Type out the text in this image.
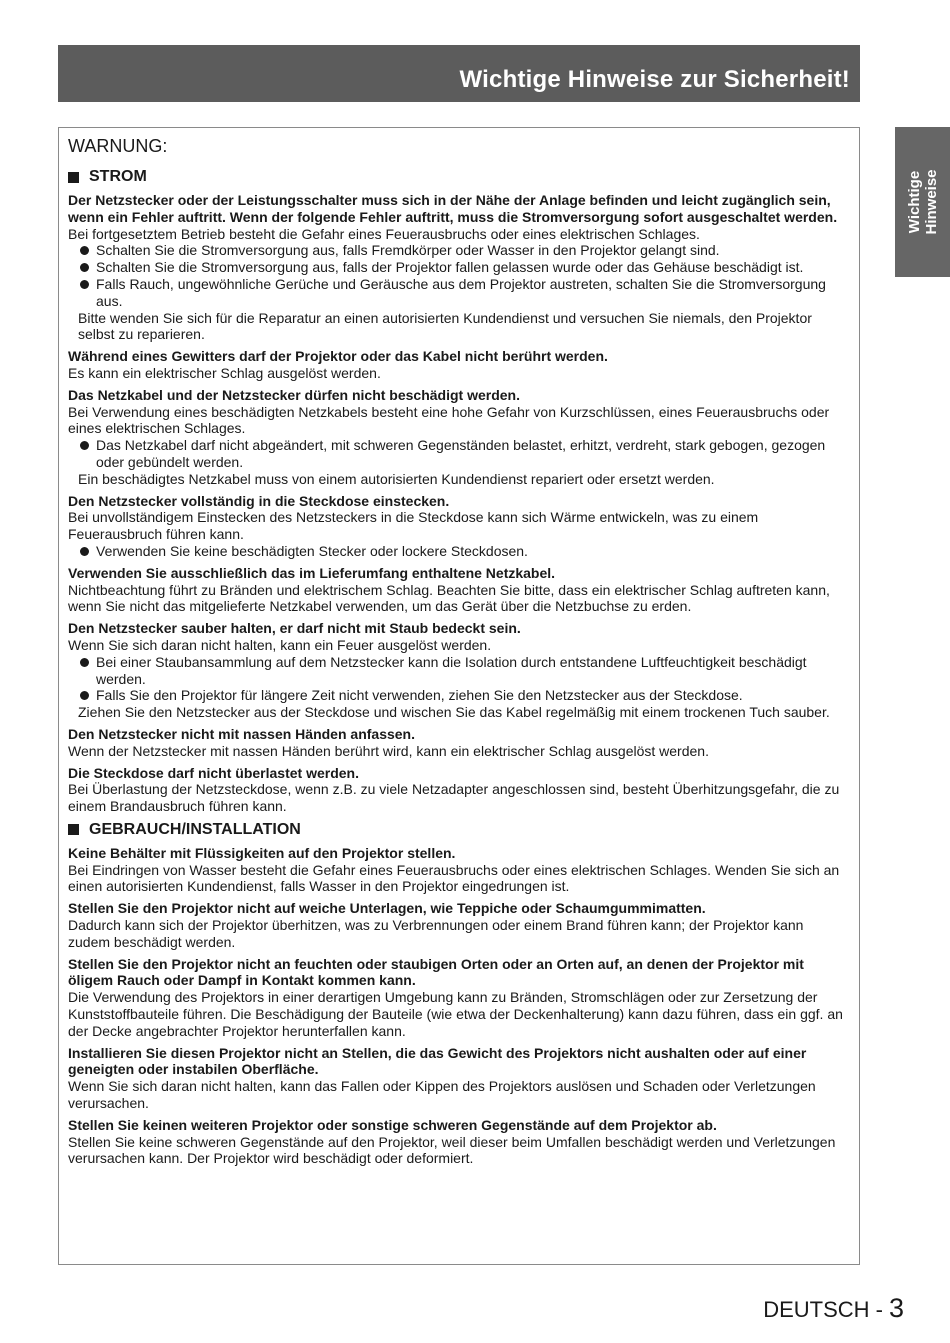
Wichtige Hinweise zur Sicherheit!
Wichtige Hinweise
WARNUNG:
STROM

Der Netzstecker oder der Leistungsschalter muss sich in der Nähe der Anlage befinden und leicht zugänglich sein, wenn ein Fehler auftritt. Wenn der folgende Fehler auftritt, muss die Stromversorgung sofort ausgeschaltet werden.

Bei fortgesetztem Betrieb besteht die Gefahr eines Feuerausbruchs oder eines elektrischen Schlages.

Schalten Sie die Stromversorgung aus, falls Fremdkörper oder Wasser in den Projektor gelangt sind.
Schalten Sie die Stromversorgung aus, falls der Projektor fallen gelassen wurde oder das Gehäuse beschädigt ist.
Falls Rauch, ungewöhnliche Gerüche und Geräusche aus dem Projektor austreten, schalten Sie die Stromversorgung aus.

Bitte wenden Sie sich für die Reparatur an einen autorisierten Kundendienst und versuchen Sie niemals, den Projektor selbst zu reparieren.

Während eines Gewitters darf der Projektor oder das Kabel nicht berührt werden.

Es kann ein elektrischer Schlag ausgelöst werden.

Das Netzkabel und der Netzstecker dürfen nicht beschädigt werden.

Bei Verwendung eines beschädigten Netzkabels besteht eine hohe Gefahr von Kurzschlüssen, eines Feuerausbruchs oder eines elektrischen Schlages.

Das Netzkabel darf nicht abgeändert, mit schweren Gegenständen belastet, erhitzt, verdreht, stark gebogen, gezogen oder gebündelt werden.

Ein beschädigtes Netzkabel muss von einem autorisierten Kundendienst repariert oder ersetzt werden.

Den Netzstecker vollständig in die Steckdose einstecken.

Bei unvollständigem Einstecken des Netzsteckers in die Steckdose kann sich Wärme entwickeln, was zu einem Feuerausbruch führen kann.

Verwenden Sie keine beschädigten Stecker oder lockere Steckdosen.

Verwenden Sie ausschließlich das im Lieferumfang enthaltene Netzkabel.

Nichtbeachtung führt zu Bränden und elektrischem Schlag. Beachten Sie bitte, dass ein elektrischer Schlag auftreten kann, wenn Sie nicht das mitgelieferte Netzkabel verwenden, um das Gerät über die Netzbuchse zu erden.

Den Netzstecker sauber halten, er darf nicht mit Staub bedeckt sein.

Wenn Sie sich daran nicht halten, kann ein Feuer ausgelöst werden.

Bei einer Staubansammlung auf dem Netzstecker kann die Isolation durch entstandene Luftfeuchtigkeit beschädigt werden.
Falls Sie den Projektor für längere Zeit nicht verwenden, ziehen Sie den Netzstecker aus der Steckdose.

Ziehen Sie den Netzstecker aus der Steckdose und wischen Sie das Kabel regelmäßig mit einem trockenen Tuch sauber.

Den Netzstecker nicht mit nassen Händen anfassen.

Wenn der Netzstecker mit nassen Händen berührt wird, kann ein elektrischer Schlag ausgelöst werden.

Die Steckdose darf nicht überlastet werden.

Bei Überlastung der Netzsteckdose, wenn z.B. zu viele Netzadapter angeschlossen sind, besteht Überhitzungsgefahr, die zu einem Brandausbruch führen kann.

GEBRAUCH/INSTALLATION

Keine Behälter mit Flüssigkeiten auf den Projektor stellen.

Bei Eindringen von Wasser besteht die Gefahr eines Feuerausbruchs oder eines elektrischen Schlages. Wenden Sie sich an einen autorisierten Kundendienst, falls Wasser in den Projektor eingedrungen ist.

Stellen Sie den Projektor nicht auf weiche Unterlagen, wie Teppiche oder Schaumgummimatten.

Dadurch kann sich der Projektor überhitzen, was zu Verbrennungen oder einem Brand führen kann; der Projektor kann zudem beschädigt werden.

Stellen Sie den Projektor nicht an feuchten oder staubigen Orten oder an Orten auf, an denen der Projektor mit öligem Rauch oder Dampf in Kontakt kommen kann.

Die Verwendung des Projektors in einer derartigen Umgebung kann zu Bränden, Stromschlägen oder zur Zersetzung der Kunststoffbauteile führen. Die Beschädigung der Bauteile (wie etwa der Deckenhalterung) kann dazu führen, dass ein ggf. an der Decke angebrachter Projektor herunterfallen kann.

Installieren Sie diesen Projektor nicht an Stellen, die das Gewicht des Projektors nicht aushalten oder auf einer geneigten oder instabilen Oberfläche.

Wenn Sie sich daran nicht halten, kann das Fallen oder Kippen des Projektors auslösen und Schaden oder Verletzungen verursachen.

Stellen Sie keinen weiteren Projektor oder sonstige schweren Gegenstände auf dem Projektor ab.

Stellen Sie keine schweren Gegenstände auf den Projektor, weil dieser beim Umfallen beschädigt werden und Verletzungen verursachen kann. Der Projektor wird beschädigt oder deformiert.

DEUTSCH - 3
